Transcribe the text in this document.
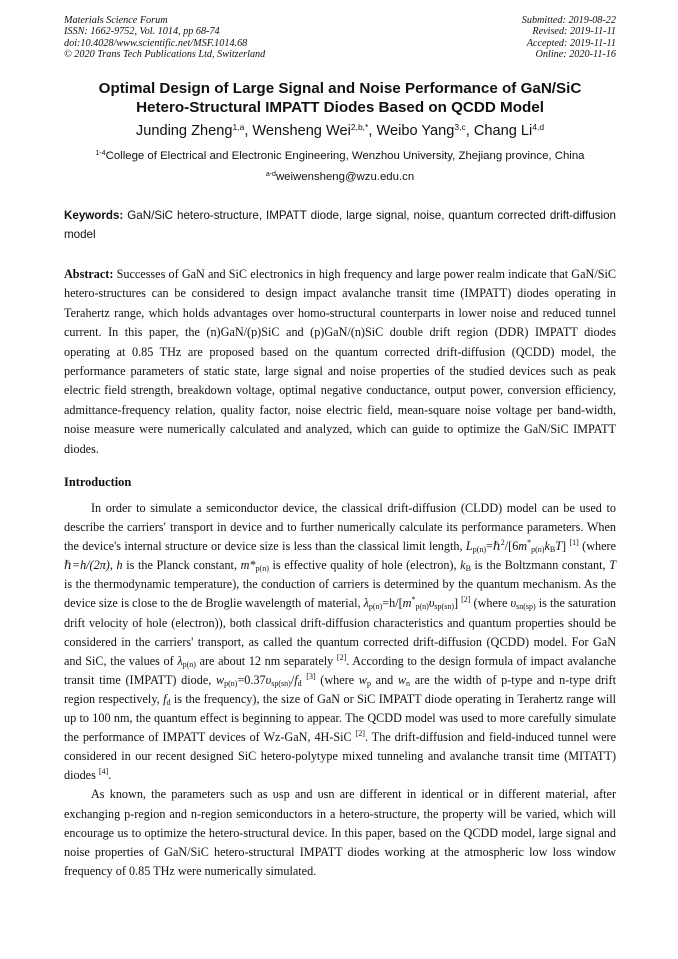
Materials Science Forum
ISSN: 1662-9752, Vol. 1014, pp 68-74
doi:10.4028/www.scientific.net/MSF.1014.68
© 2020 Trans Tech Publications Ltd, Switzerland
Submitted: 2019-08-22
Revised: 2019-11-11
Accepted: 2019-11-11
Online: 2020-11-16
Optimal Design of Large Signal and Noise Performance of GaN/SiC
Hetero-Structural IMPATT Diodes Based on QCDD Model
Junding Zheng$^{1,a}$, Wensheng Wei$^{2,b,*}$, Weibo Yang$^{3,c}$, Chang Li$^{4,d}$
$^{1-4}$College of Electrical and Electronic Engineering, Wenzhou University, Zhejiang province, China
$^{a-d}$weiwensheng@wzu.edu.cn
Keywords: GaN/SiC hetero-structure, IMPATT diode, large signal, noise, quantum corrected drift-diffusion model
Abstract: Successes of GaN and SiC electronics in high frequency and large power realm indicate that GaN/SiC hetero-structures can be considered to design impact avalanche transit time (IMPATT) diodes operating in Terahertz range, which holds advantages over homo-structural counterparts in lower noise and reduced tunnel current. In this paper, the (n)GaN/(p)SiC and (p)GaN/(n)SiC double drift region (DDR) IMPATT diodes operating at 0.85 THz are proposed based on the quantum corrected drift-diffusion (QCDD) model, the performance parameters of static state, large signal and noise properties of the studied devices such as peak electric field strength, breakdown voltage, optimal negative conductance, output power, conversion efficiency, admittance-frequency relation, quality factor, noise electric field, mean-square noise voltage per band-width, noise measure were numerically calculated and analyzed, which can guide to optimize the GaN/SiC IMPATT diodes.
Introduction

In order to simulate a semiconductor device, the classical drift-diffusion (CLDD) model can be used to describe the carriers′ transport in device and to further numerically calculate its performance parameters. When the device's internal structure or device size is less than the classical limit length, $L_{p(n)}=\hbar^2/[6m^*_{p(n)}k_BT]$ [1] (where ℏ=h/(2π), h is the Planck constant, $m*_{p(n)}$ is effective quality of hole (electron), $k_B$ is the Boltzmann constant, T is the thermodynamic temperature), the conduction of carriers is determined by the quantum mechanism. As the device size is close to the de Broglie wavelength of material, $\lambda_{p(n)}=h/[m^*_{p(n)}\upsilon_{sp(sn)}]$ [2] (where $\upsilon_{sn(sp)}$ is the saturation drift velocity of hole (electron)), both classical drift-diffusion characteristics and quantum properties should be considered in the carriers' transport, as called the quantum corrected drift-diffusion (QCDD) model. For GaN and SiC, the values of $\lambda_{p(n)}$ are about 12 nm separately [2]. According to the design formula of impact avalanche transit time (IMPATT) diode, $w_{p(n)}=0.37\upsilon_{sp(sn)}/f_d$ [3] (where $w_p$ and $w_n$ are the width of p-type and n-type drift region respectively, $f_d$ is the frequency), the size of GaN or SiC IMPATT diode operating in Terahertz range will up to 100 nm, the quantum effect is beginning to appear. The QCDD model was used to more carefully simulate the performance of IMPATT devices of Wz-GaN, 4H-SiC [2]. The drift-diffusion and field-induced tunnel were considered in our recent designed SiC hetero-polytype mixed tunneling and avalanche transit time (MITATT) diodes [4].

As known, the parameters such as υsp and υsn are different in identical or in different material, after exchanging p-region and n-region semiconductors in a hetero-structure, the property will be varied, which will encourage us to optimize the hetero-structural device. In this paper, based on the QCDD model, large signal and noise properties of GaN/SiC hetero-structural IMPATT diodes working at the atmospheric low loss window frequency of 0.85 THz were numerically simulated.
